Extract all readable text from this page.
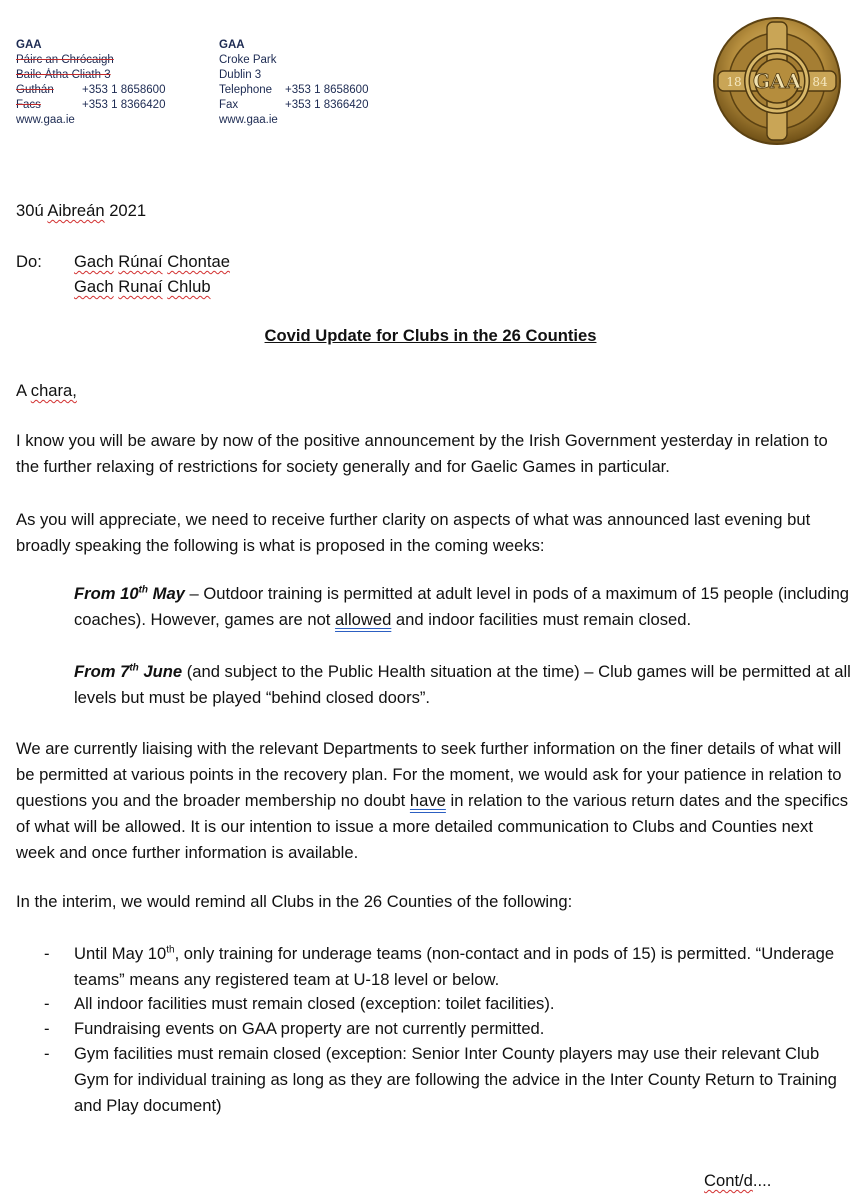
GAA
Páirc an Chrócaigh
Baile Átha Cliath 3
Guthán +353 1 8658600
Facs	+353 1 8366420
www.gaa.ie
GAA
Croke Park
Dublin 3
Telephone +353 1 8658600
Fax	+353 1 8366420
www.gaa.ie
GAA
18	84
30ú Aibreán 2021
Do:	Gach Rúnaí Chontae
Gach Runaí Chlub
Covid Update for Clubs in the 26 Counties
A chara,
I know you will be aware by now of the positive announcement by the Irish Government yesterday in relation to the further relaxing of restrictions for society generally and for Gaelic Games in particular.
As you will appreciate, we need to receive further clarity on aspects of what was announced last evening but broadly speaking the following is what is proposed in the coming weeks:
From 10th May – Outdoor training is permitted at adult level in pods of a maximum of 15 people (including coaches). However, games are not allowed and indoor facilities must remain closed.
From 7th June (and subject to the Public Health situation at the time) – Club games will be permitted at all levels but must be played “behind closed doors”.
We are currently liaising with the relevant Departments to seek further information on the finer details of what will be permitted at various points in the recovery plan. For the moment, we would ask for your patience in relation to questions you and the broader membership no doubt have in relation to the various return dates and the specifics of what will be allowed. It is our intention to issue a more detailed communication to Clubs and Counties next week and once further information is available.
In the interim, we would remind all Clubs in the 26 Counties of the following:
- Until May 10th, only training for underage teams (non-contact and in pods of 15) is permitted. “Underage teams” means any registered team at U-18 level or below.
- All indoor facilities must remain closed (exception: toilet facilities).
- Fundraising events on GAA property are not currently permitted.
- Gym facilities must remain closed (exception: Senior Inter County players may use their relevant Club Gym for individual training as long as they are following the advice in the Inter County Return to Training and Play document)
Cont/d....
